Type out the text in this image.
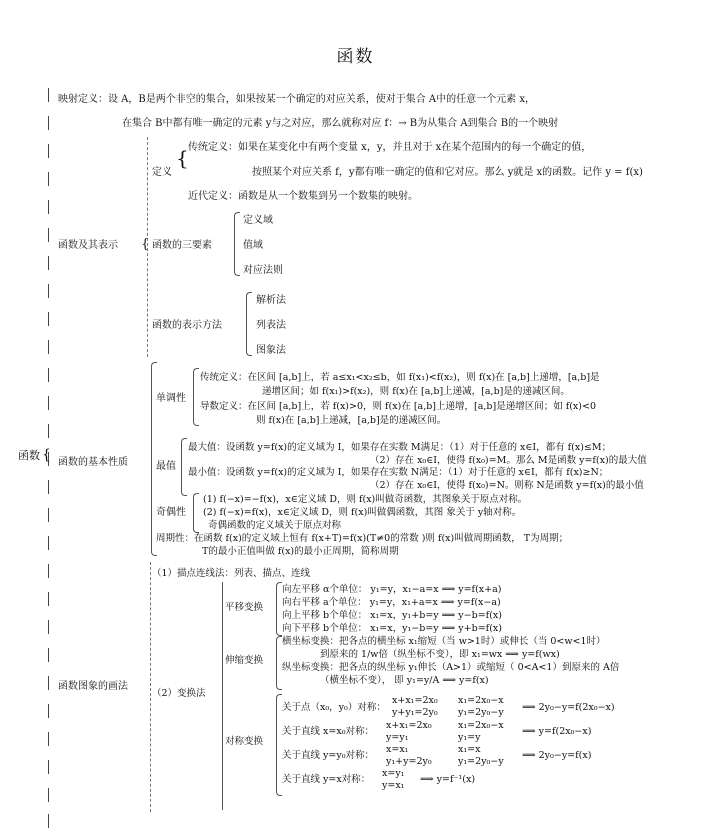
函数
函数 {
映射定义：设 A，B是两个非空的集合，如果按某一个确定的对应关系，使对于集合 A中的任意一个元素 x，
在集合 B中都有唯一确定的元素 y与之对应，那么就称对应 f：→ B为从集合 A到集合 B的一个映射
函数及其表示 {
定义
{ 传统定义：如果在某变化中有两个变量 x，y，并且对于 x在某个范围内的每一个确定的值，
按照某个对应关系 f，y都有唯一确定的值和它对应。那么 y就是 x的函数。记作 y = f(x)
近代定义：函数是从一个数集到另一个数集的映射。
函数的三要素
定义域
值域
对应法则
函数的表示方法
解析法
列表法
图象法
函数的基本性质
单调性
传统定义：在区间 [a,b]上，若 a≤x₁<x₂≤b，如 f(x₁)<f(x₂)，则 f(x)在 [a,b]上递增，[a,b]是
递增区间；如 f(x₁)>f(x₂)，则 f(x)在 [a,b]上递减，[a,b]是的递减区间。
导数定义：在区间 [a,b]上，若 f(x)>0，则 f(x)在 [a,b]上递增，[a,b]是递增区间；如 f(x)<0
则 f(x)在 [a,b]上递减，[a,b]是的递减区间。
最值
最大值：设函数 y=f(x)的定义域为 I，如果存在实数 M满足：（1）对于任意的 x∈I，都有 f(x)≤M；
（2）存在 x₀∈I，使得 f(x₀)=M。那么 M是函数 y=f(x)的最大值
最小值：设函数 y=f(x)的定义域为 I，如果存在实数 N满足：（1）对于任意的 x∈I，都有 f(x)≥N；
（2）存在 x₀∈I，使得 f(x₀)=N。则称 N是函数 y=f(x)的最小值
奇偶性
(1) f(−x)=−f(x)，x∈定义域 D，则 f(x)叫做奇函数，其图象关于原点对称。
(2) f(−x)=f(x)，x∈定义域 D，则 f(x)叫做偶函数，其图 象关于 y轴对称。
奇偶函数的定义域关于原点对称
周期性：在函数 f(x)的定义域上恒有 f(x+T)=f(x)(T≠0的常数 )则 f(x)叫做周期函数， T为周期；
T的最小正值叫做 f(x)的最小正周期，简称周期
函数图象的画法
（1）描点连线法：列表、描点、连线
（2）变换法
平移变换
向左平移 α个单位： y₁=y，x₁−a=x ⟹ y=f(x+a)
向右平移 a个单位： y₁=y，x₁+a=x ⟹ y=f(x−a)
向上平移 b个单位： x₁=x，y₁+b=y ⟹ y−b=f(x)
向下平移 b个单位： x₁=x，y₁−b=y ⟹ y+b=f(x)
伸缩变换
横坐标变换：把各点的横坐标 x₁缩短（当 w>1时）或伸长（当 0<w<1时）
到原来的 1/w倍（纵坐标不变），即 x₁=wx ⟹ y=f(wx)
纵坐标变换：把各点的纵坐标 y₁伸长（A>1）或缩短（ 0<A<1）到原来的 A倍
（横坐标不变）， 即 y₁=y/A ⟹ y=f(x)
对称变换
关于点（x₀，y₀）对称：
x+x₁=2x₀
y+y₁=2y₀
x₁=2x₀−x
y₁=2y₀−y ⟹ 2y₀−y=f(2x₀−x)
关于直线 x=x₀对称：
x+x₁=2x₀
y=y₁
x₁=2x₀−x
y₁=y
⟹ y=f(2x₀−x)
关于直线 y=y₀对称：
x=x₁
y₁+y=2y₀
x₁=x
y₁=2y₀−y
⟹ 2y₀−y=f(x)
关于直线 y=x对称：
x=y₁
y=x₁
⟹ y=f⁻¹(x)
